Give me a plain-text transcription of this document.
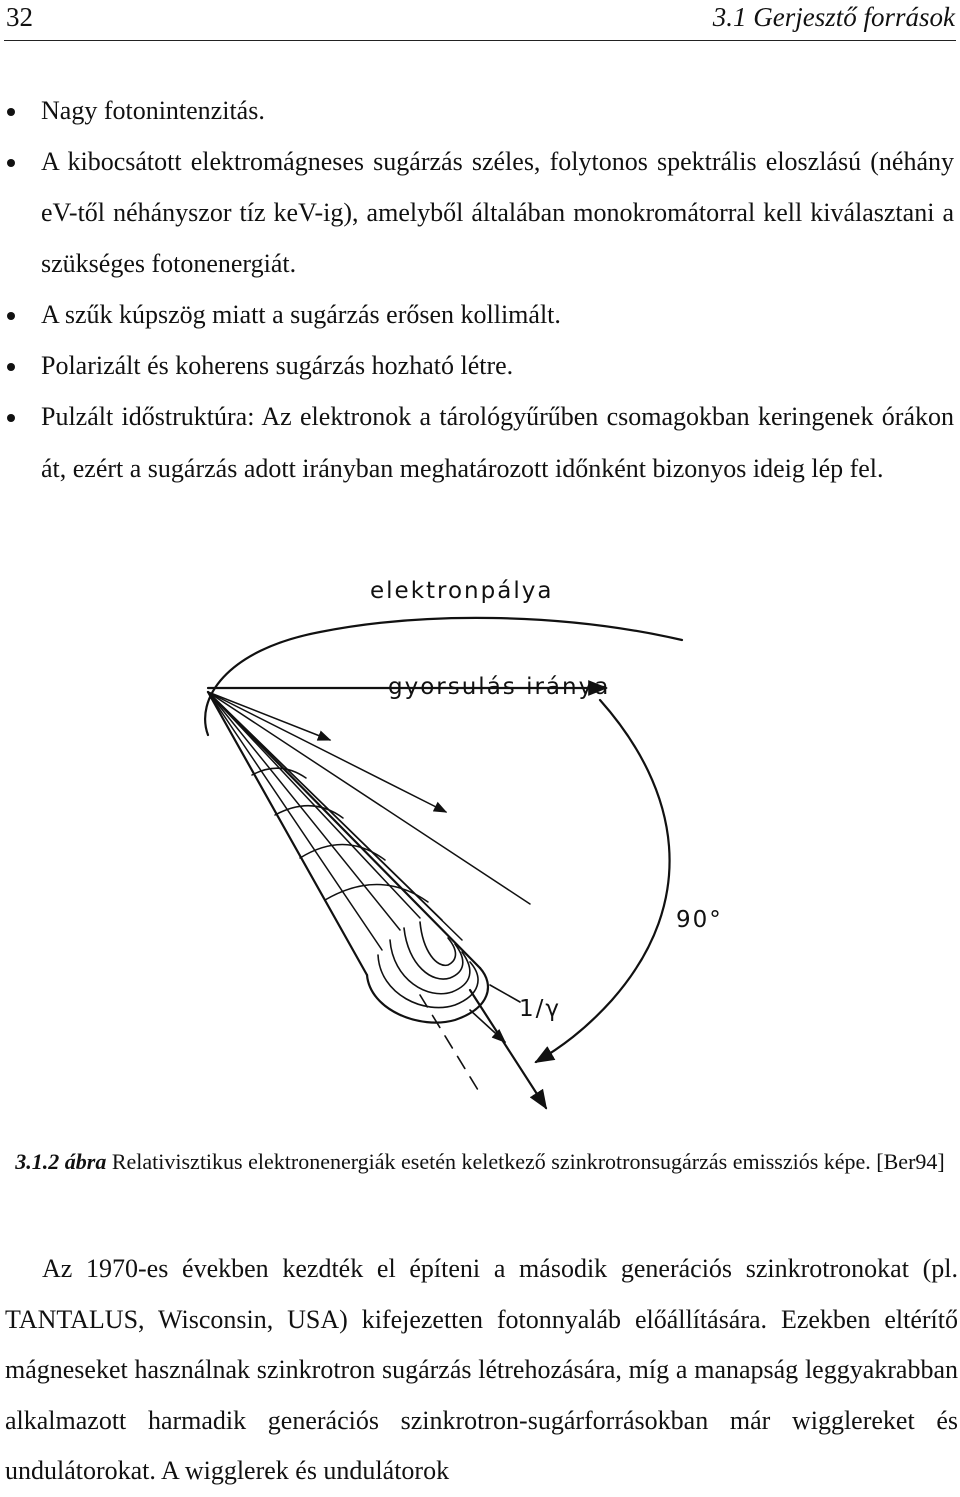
32	3.1 Gerjesztő források
Nagy fotonintenzitás.
A kibocsátott elektromágneses sugárzás széles, folytonos spektrális eloszlású (néhány eV-től néhányszor tíz keV-ig), amelyből általában monokromátorral kell kiválasztani a szükséges fotonenergiát.
A szűk kúpszög miatt a sugárzás erősen kollimált.
Polarizált és koherens sugárzás hozható létre.
Pulzált időstruktúra: Az elektronok a tárológyűrűben csomagokban keringenek órákon át, ezért a sugárzás adott irányban meghatározott időnként bizonyos ideig lép fel.
elektronpálya
gyorsulás iránya
90°
1/γ
3.1.2 ábra Relativisztikus elektronenergiák esetén keletkező szinkrotronsugárzás emissziós képe. [Ber94]
Az 1970-es években kezdték el építeni a második generációs szinkrotronokat (pl. TANTALUS, Wisconsin, USA) kifejezetten fotonnyaláb előállítására. Ezekben eltérítő mágneseket használnak szinkrotron sugárzás létrehozására, míg a manapság leggyakrabban alkalmazott harmadik generációs szinkrotron-sugárforrásokban már wigglereket és undulátorokat. A wigglerek és undulátorok
